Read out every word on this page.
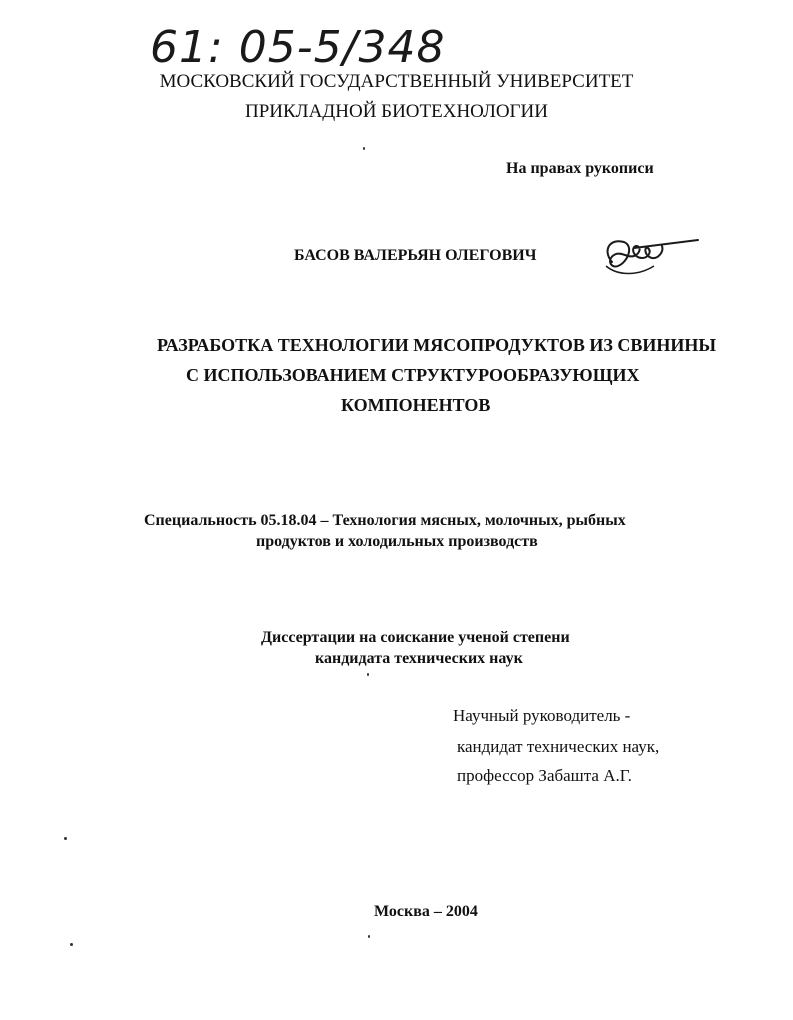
61: 05-5/348
МОСКОВСКИЙ ГОСУДАРСТВЕННЫЙ УНИВЕРСИТЕТ
ПРИКЛАДНОЙ БИОТЕХНОЛОГИИ
На правах рукописи
БАСОВ ВАЛЕРЬЯН ОЛЕГОВИЧ
РАЗРАБОТКА ТЕХНОЛОГИИ МЯСОПРОДУКТОВ ИЗ СВИНИНЫ
С ИСПОЛЬЗОВАНИЕМ СТРУКТУРООБРАЗУЮЩИХ
КОМПОНЕНТОВ
Специальность 05.18.04 – Технология мясных, молочных, рыбных
продуктов и холодильных производств
Диссертации на соискание ученой степени
кандидата технических наук
Научный руководитель -
кандидат технических наук,
профессор Забашта А.Г.
Москва – 2004
